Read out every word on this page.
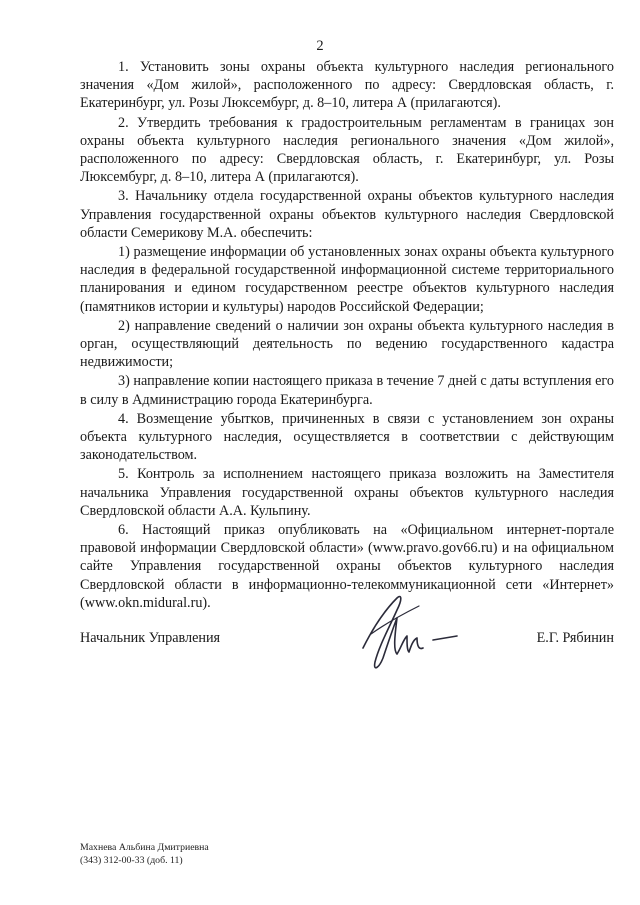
2

1. Установить зоны охраны объекта культурного наследия регионального значения «Дом жилой», расположенного по адресу: Свердловская область, г. Екатеринбург, ул. Розы Люксембург, д. 8–10, литера А (прилагаются).

2. Утвердить требования к градостроительным регламентам в границах зон охраны объекта культурного наследия регионального значения «Дом жилой», расположенного по адресу: Свердловская область, г. Екатеринбург, ул. Розы Люксембург, д. 8–10, литера А (прилагаются).

3. Начальнику отдела государственной охраны объектов культурного наследия Управления государственной охраны объектов культурного наследия Свердловской области Семерикову М.А. обеспечить:

1) размещение информации об установленных зонах охраны объекта культурного наследия в федеральной государственной информационной системе территориального планирования и едином государственном реестре объектов культурного наследия (памятников истории и культуры) народов Российской Федерации;

2) направление сведений о наличии зон охраны объекта культурного наследия в орган, осуществляющий деятельность по ведению государственного кадастра недвижимости;

3) направление копии настоящего приказа в течение 7 дней с даты вступления его в силу в Администрацию города Екатеринбурга.

4. Возмещение убытков, причиненных в связи с установлением зон охраны объекта культурного наследия, осуществляется в соответствии с действующим законодательством.

5. Контроль за исполнением настоящего приказа возложить на Заместителя начальника Управления государственной охраны объектов культурного наследия Свердловской области А.А. Кульпину.

6. Настоящий приказ опубликовать на «Официальном интернет-портале правовой информации Свердловской области» (www.pravo.gov66.ru) и на официальном сайте Управления государственной охраны объектов культурного наследия Свердловской области в информационно-телекоммуникационной сети «Интернет» (www.okn.midural.ru).

Начальник Управления	Е.Г. Рябинин
Махнева Альбина Дмитриевна
(343) 312-00-33 (доб. 11)
